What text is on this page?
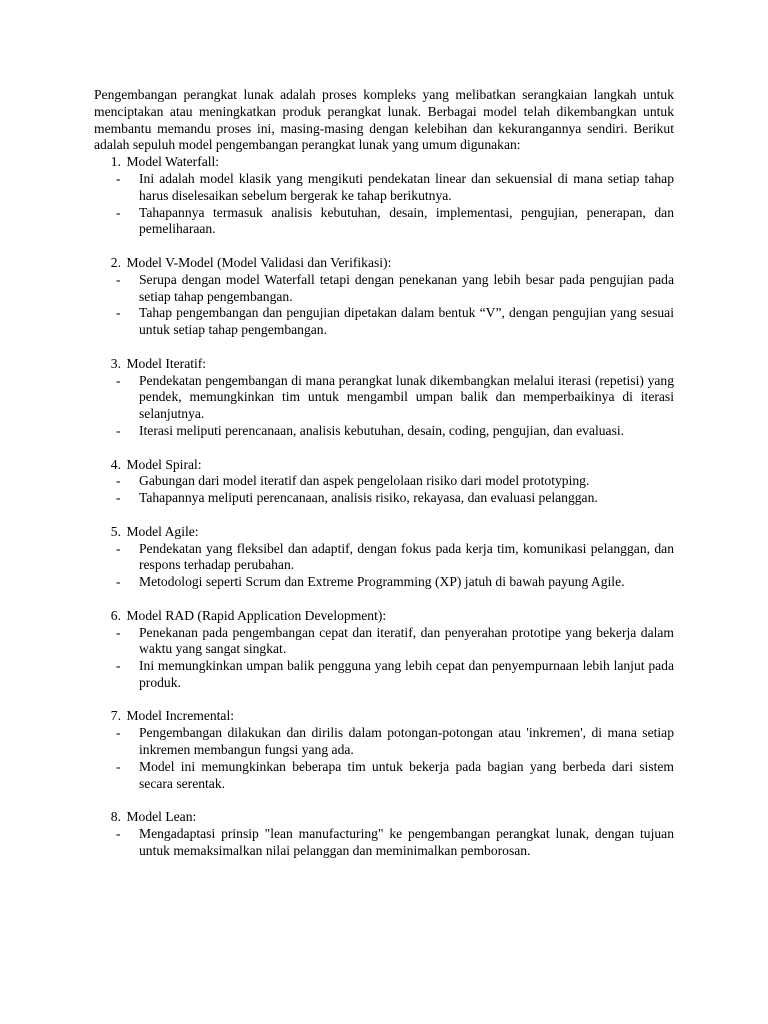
Pengembangan perangkat lunak adalah proses kompleks yang melibatkan serangkaian langkah untuk menciptakan atau meningkatkan produk perangkat lunak. Berbagai model telah dikembangkan untuk membantu memandu proses ini, masing-masing dengan kelebihan dan kekurangannya sendiri. Berikut adalah sepuluh model pengembangan perangkat lunak yang umum digunakan:

1. Model Waterfall:
-	Ini adalah model klasik yang mengikuti pendekatan linear dan sekuensial di mana setiap tahap harus diselesaikan sebelum bergerak ke tahap berikutnya.
-	Tahapannya termasuk analisis kebutuhan, desain, implementasi, pengujian, penerapan, dan pemeliharaan.
2. Model V-Model (Model Validasi dan Verifikasi):
-	Serupa dengan model Waterfall tetapi dengan penekanan yang lebih besar pada pengujian pada setiap tahap pengembangan.
-	Tahap pengembangan dan pengujian dipetakan dalam bentuk “V”, dengan pengujian yang sesuai untuk setiap tahap pengembangan.
3. Model Iteratif:
-	Pendekatan pengembangan di mana perangkat lunak dikembangkan melalui iterasi (repetisi) yang pendek, memungkinkan tim untuk mengambil umpan balik dan memperbaikinya di iterasi selanjutnya.
-	Iterasi meliputi perencanaan, analisis kebutuhan, desain, coding, pengujian, dan evaluasi.
4. Model Spiral:
-	Gabungan dari model iteratif dan aspek pengelolaan risiko dari model prototyping.
-	Tahapannya meliputi perencanaan, analisis risiko, rekayasa, dan evaluasi pelanggan.
5. Model Agile:
-	Pendekatan yang fleksibel dan adaptif, dengan fokus pada kerja tim, komunikasi pelanggan, dan respons terhadap perubahan.
-	Metodologi seperti Scrum dan Extreme Programming (XP) jatuh di bawah payung Agile.
6. Model RAD (Rapid Application Development):
-	Penekanan pada pengembangan cepat dan iteratif, dan penyerahan prototipe yang bekerja dalam waktu yang sangat singkat.
-	Ini memungkinkan umpan balik pengguna yang lebih cepat dan penyempurnaan lebih lanjut pada produk.
7. Model Incremental:
-	Pengembangan dilakukan dan dirilis dalam potongan-potongan atau 'inkremen', di mana setiap inkremen membangun fungsi yang ada.
-	Model ini memungkinkan beberapa tim untuk bekerja pada bagian yang berbeda dari sistem secara serentak.
8. Model Lean:
-	Mengadaptasi prinsip "lean manufacturing" ke pengembangan perangkat lunak, dengan tujuan untuk memaksimalkan nilai pelanggan dan meminimalkan pemborosan.
